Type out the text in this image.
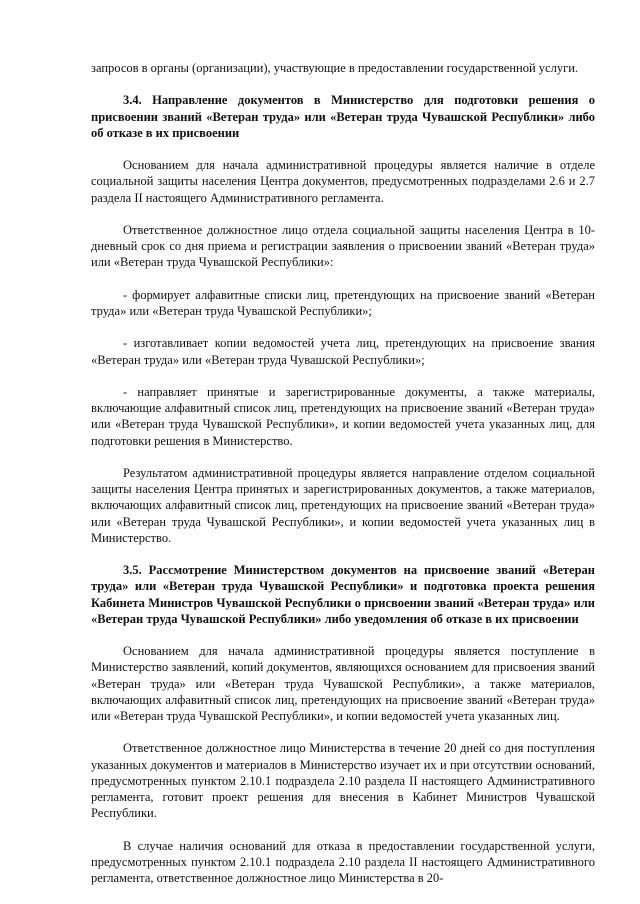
запросов в органы (организации), участвующие в предоставлении государственной услуги.

3.4. Направление документов в Министерство для подготовки решения о присвоении званий «Ветеран труда» или «Ветеран труда Чувашской Республики» либо об отказе в их присвоении

Основанием для начала административной процедуры является наличие в отделе социальной защиты населения Центра документов, предусмотренных подразделами 2.6 и 2.7 раздела II настоящего Административного регламента.

Ответственное должностное лицо отдела социальной защиты населения Центра в 10-дневный срок со дня приема и регистрации заявления о присвоении званий «Ветеран труда» или «Ветеран труда Чувашской Республики»:

- формирует алфавитные списки лиц, претендующих на присвоение званий «Ветеран труда» или «Ветеран труда Чувашской Республики»;

- изготавливает копии ведомостей учета лиц, претендующих на присвоение звания «Ветеран труда» или «Ветеран труда Чувашской Республики»;

- направляет принятые и зарегистрированные документы, а также материалы, включающие алфавитный список лиц, претендующих на присвоение званий «Ветеран труда» или «Ветеран труда Чувашской Республики», и копии ведомостей учета указанных лиц, для подготовки решения в Министерство.

Результатом административной процедуры является направление отделом социальной защиты населения Центра принятых и зарегистрированных документов, а также материалов, включающих алфавитный список лиц, претендующих на присвоение званий «Ветеран труда» или «Ветеран труда Чувашской Республики», и копии ведомостей учета указанных лиц в Министерство.

3.5. Рассмотрение Министерством документов на присвоение званий «Ветеран труда» или «Ветеран труда Чувашской Республики» и подготовка проекта решения Кабинета Министров Чувашской Республики о присвоении званий «Ветеран труда» или «Ветеран труда Чувашской Республики» либо уведомления об отказе в их присвоении

Основанием для начала административной процедуры является поступление в Министерство заявлений, копий документов, являющихся основанием для присвоения званий «Ветеран труда» или «Ветеран труда Чувашской Республики», а также материалов, включающих алфавитный список лиц, претендующих на присвоение званий «Ветеран труда» или «Ветеран труда Чувашской Республики», и копии ведомостей учета указанных лиц.

Ответственное должностное лицо Министерства в течение 20 дней со дня поступления указанных документов и материалов в Министерство изучает их и при отсутствии оснований, предусмотренных пунктом 2.10.1 подраздела 2.10 раздела II настоящего Административного регламента, готовит проект решения для внесения в Кабинет Министров Чувашской Республики.

В случае наличия оснований для отказа в предоставлении государственной услуги, предусмотренных пунктом 2.10.1 подраздела 2.10 раздела II настоящего Административного регламента, ответственное должностное лицо Министерства в 20-
